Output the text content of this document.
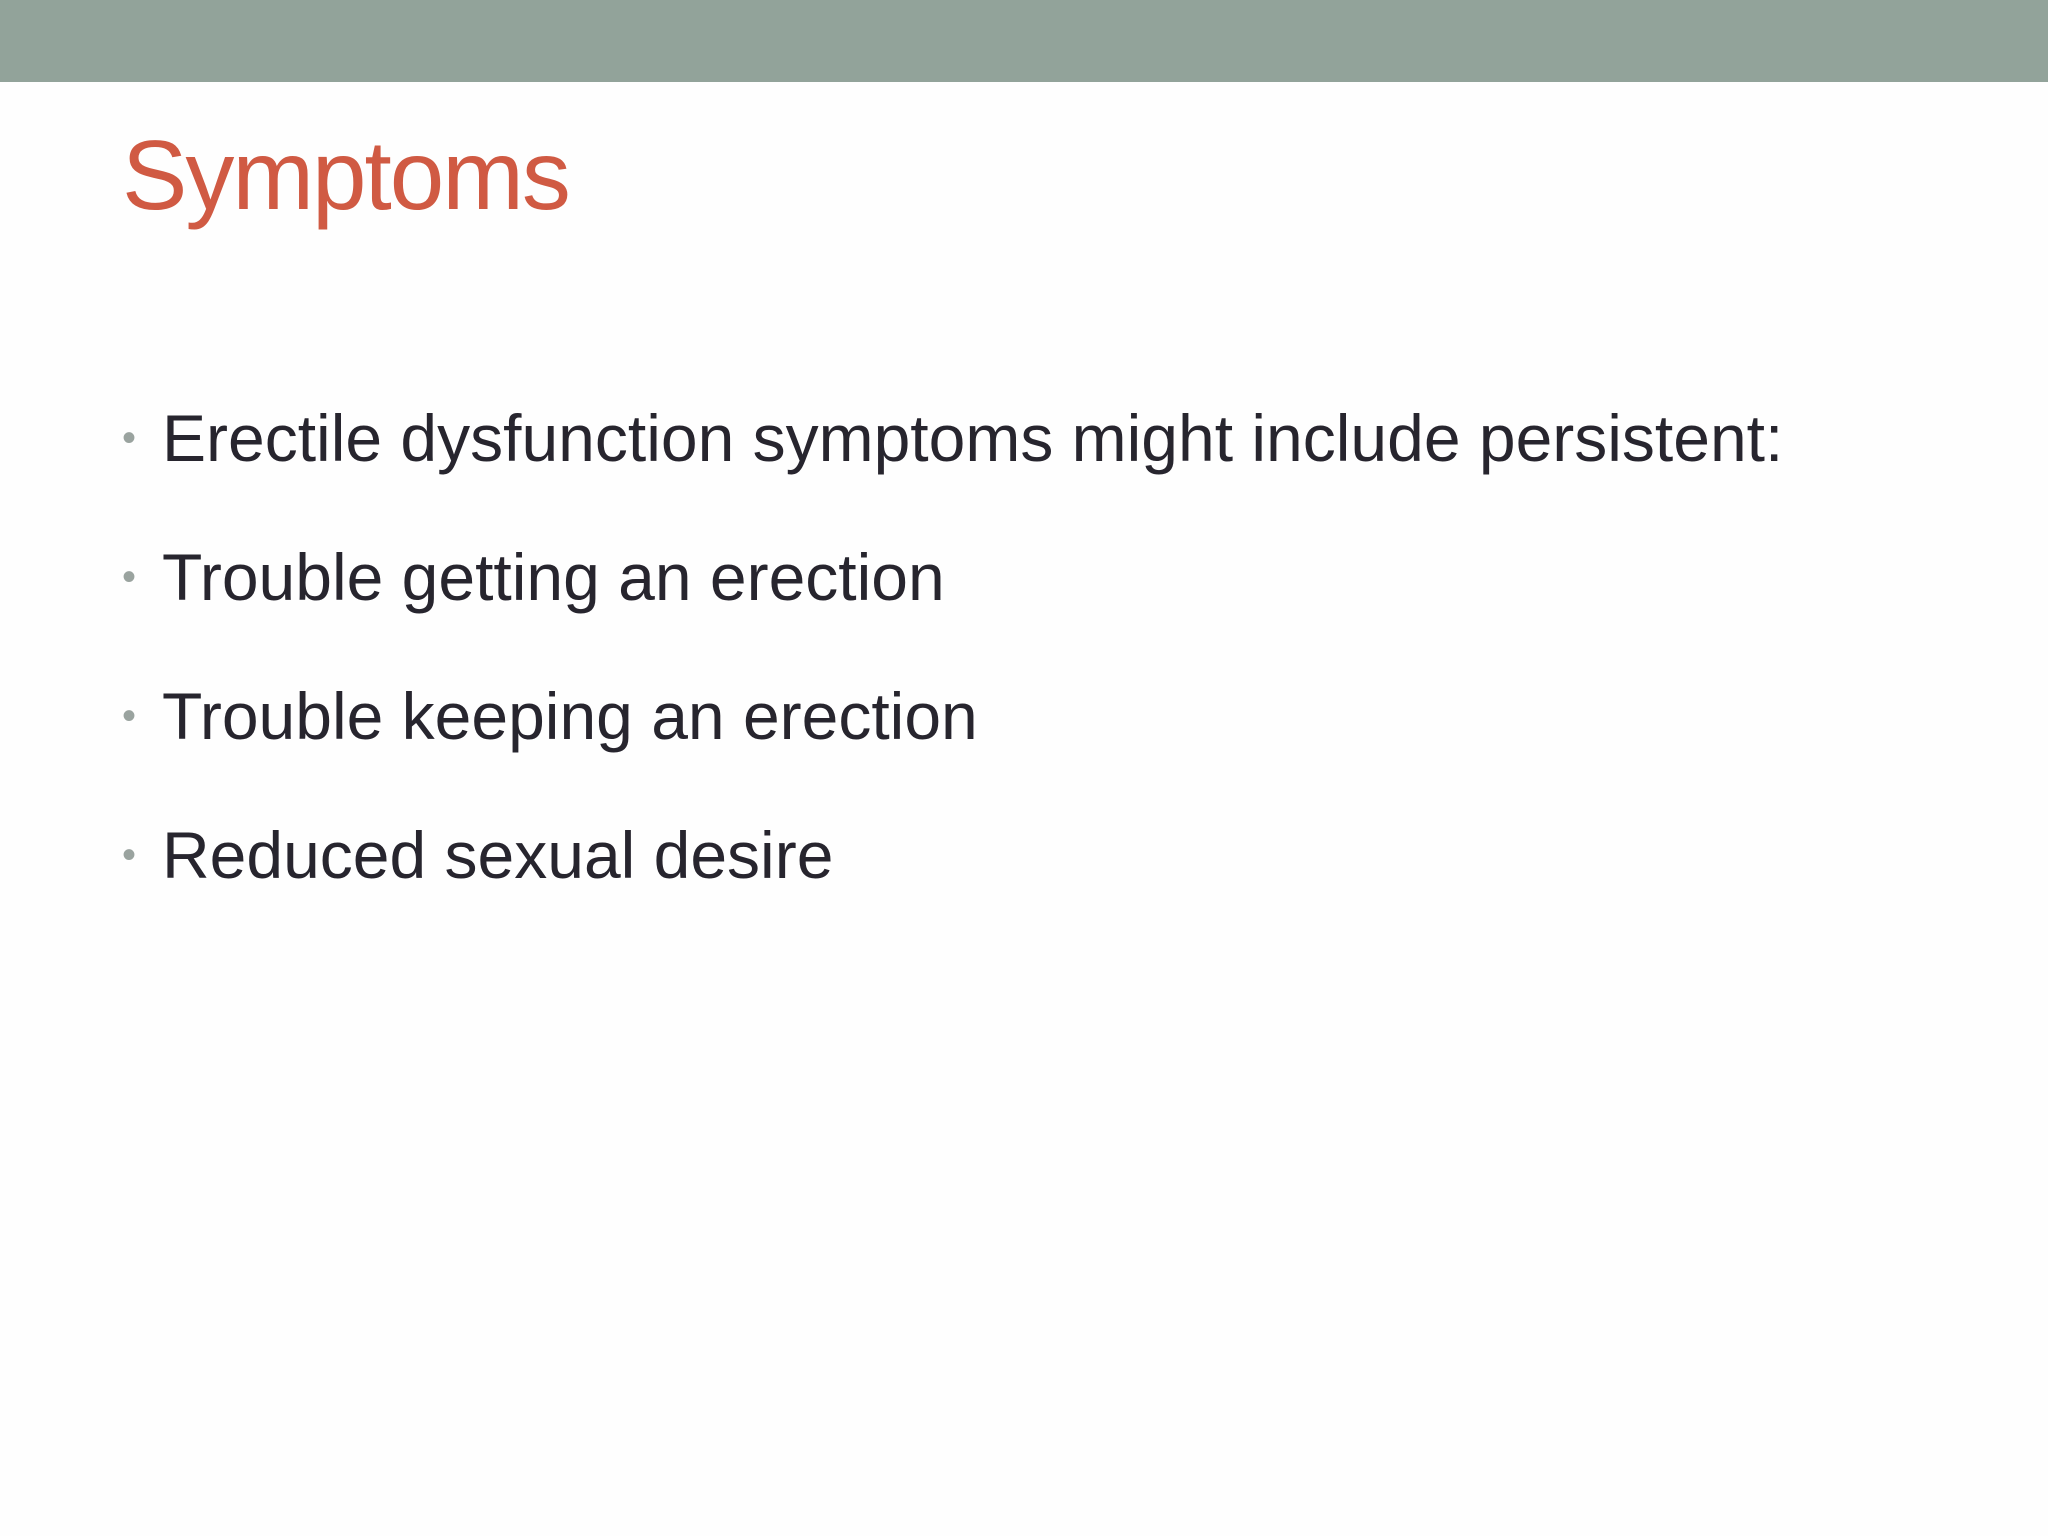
Symptoms
• Erectile dysfunction symptoms might include persistent:
• Trouble getting an erection
• Trouble keeping an erection
• Reduced sexual desire
